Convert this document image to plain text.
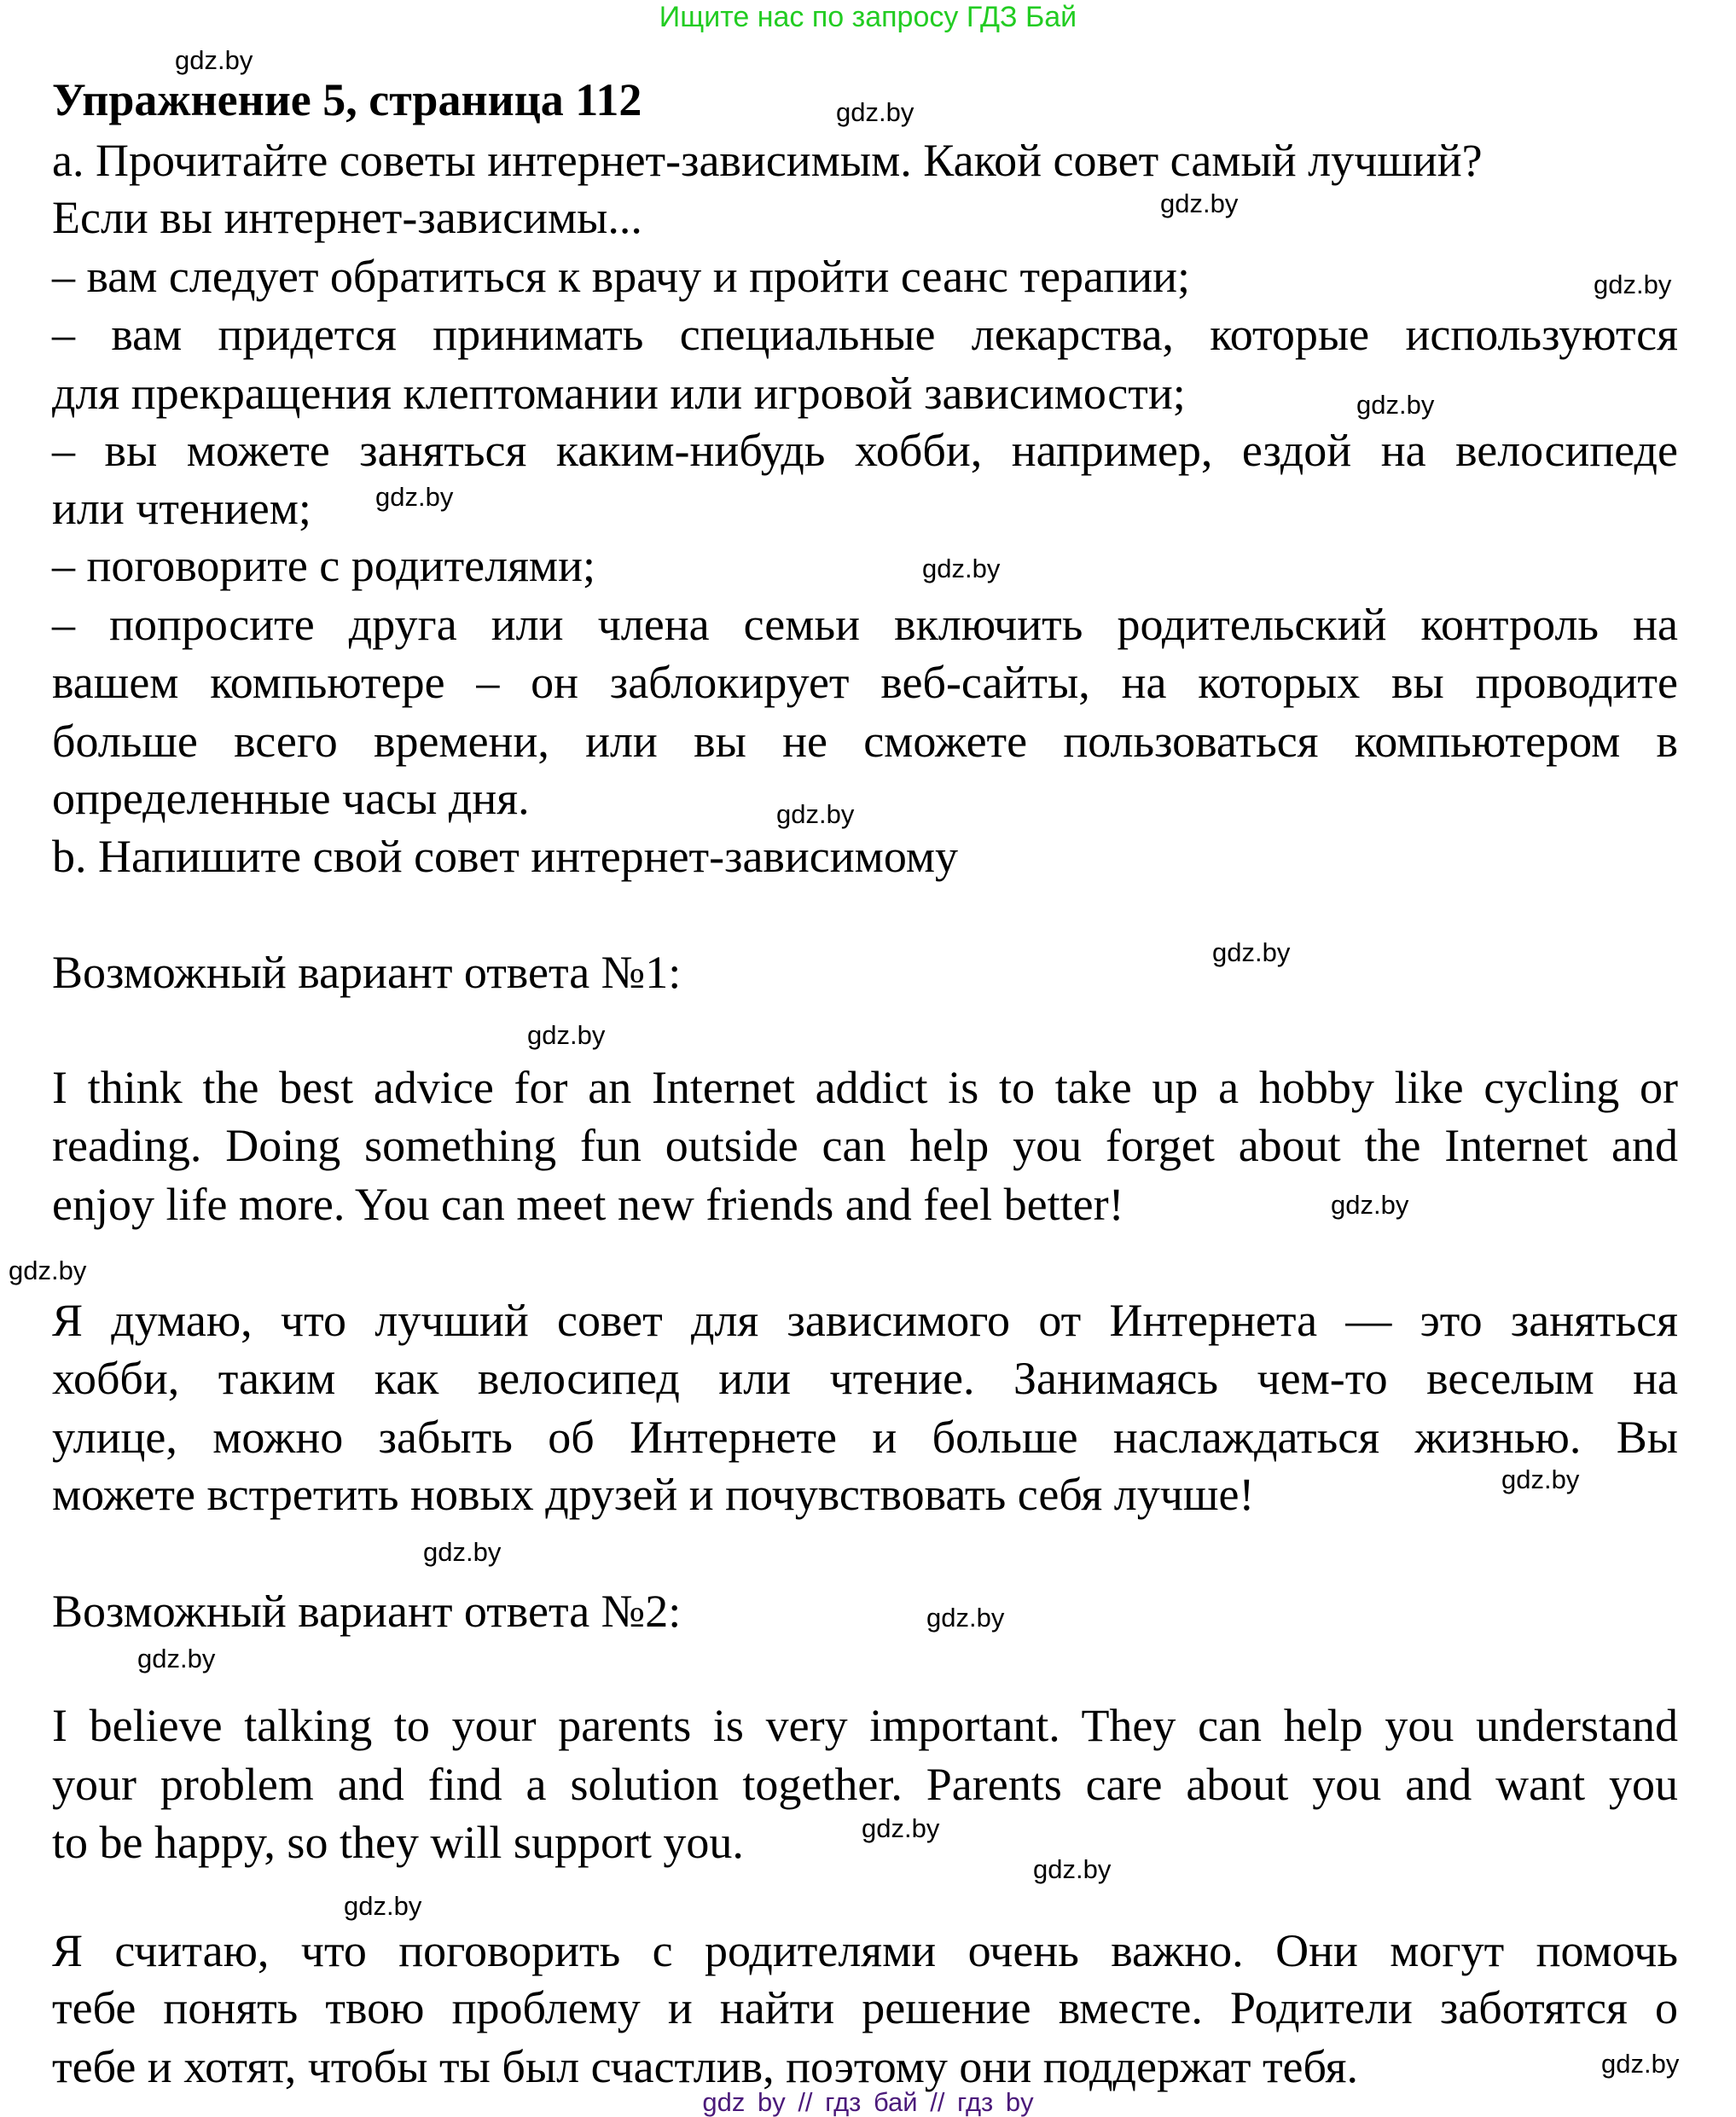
Ищите нас по запросу ГДЗ Бай
Упражнение 5, страница 112
a. Прочитайте советы интернет-зависимым. Какой совет самый лучший?
Если вы интернет-зависимы...
– вам следует обратиться к врачу и пройти сеанс терапии;
– вам придется принимать специальные лекарства, которые используются
для прекращения клептомании или игровой зависимости;
– вы можете заняться каким-нибудь хобби, например, ездой на велосипеде
или чтением;
– поговорите с родителями;
– попросите друга или члена семьи включить родительский контроль на
вашем компьютере – он заблокирует веб-сайты, на которых вы проводите
больше всего времени, или вы не сможете пользоваться компьютером в
определенные часы дня.
b. Напишите свой совет интернет-зависимому
Возможный вариант ответа №1:
I think the best advice for an Internet addict is to take up a hobby like cycling or
reading. Doing something fun outside can help you forget about the Internet and
enjoy life more. You can meet new friends and feel better!
Я думаю, что лучший совет для зависимого от Интернета — это заняться
хобби, таким как велосипед или чтение. Занимаясь чем-то веселым на
улице, можно забыть об Интернете и больше наслаждаться жизнью. Вы
можете встретить новых друзей и почувствовать себя лучше!
Возможный вариант ответа №2:
I believe talking to your parents is very important. They can help you understand
your problem and find a solution together. Parents care about you and want you
to be happy, so they will support you.
Я считаю, что поговорить с родителями очень важно. Они могут помочь
тебе понять твою проблему и найти решение вместе. Родители заботятся о
тебе и хотят, чтобы ты был счастлив, поэтому они поддержат тебя.
gdz.by
gdz.by
gdz.by
gdz.by
gdz.by
gdz.by
gdz.by
gdz.by
gdz.by
gdz.by
gdz.by
gdz.by
gdz.by
gdz.by
gdz.by
gdz.by
gdz.by
gdz.by
gdz.by
gdz.by
gdz by // гдз бай // гдз by
